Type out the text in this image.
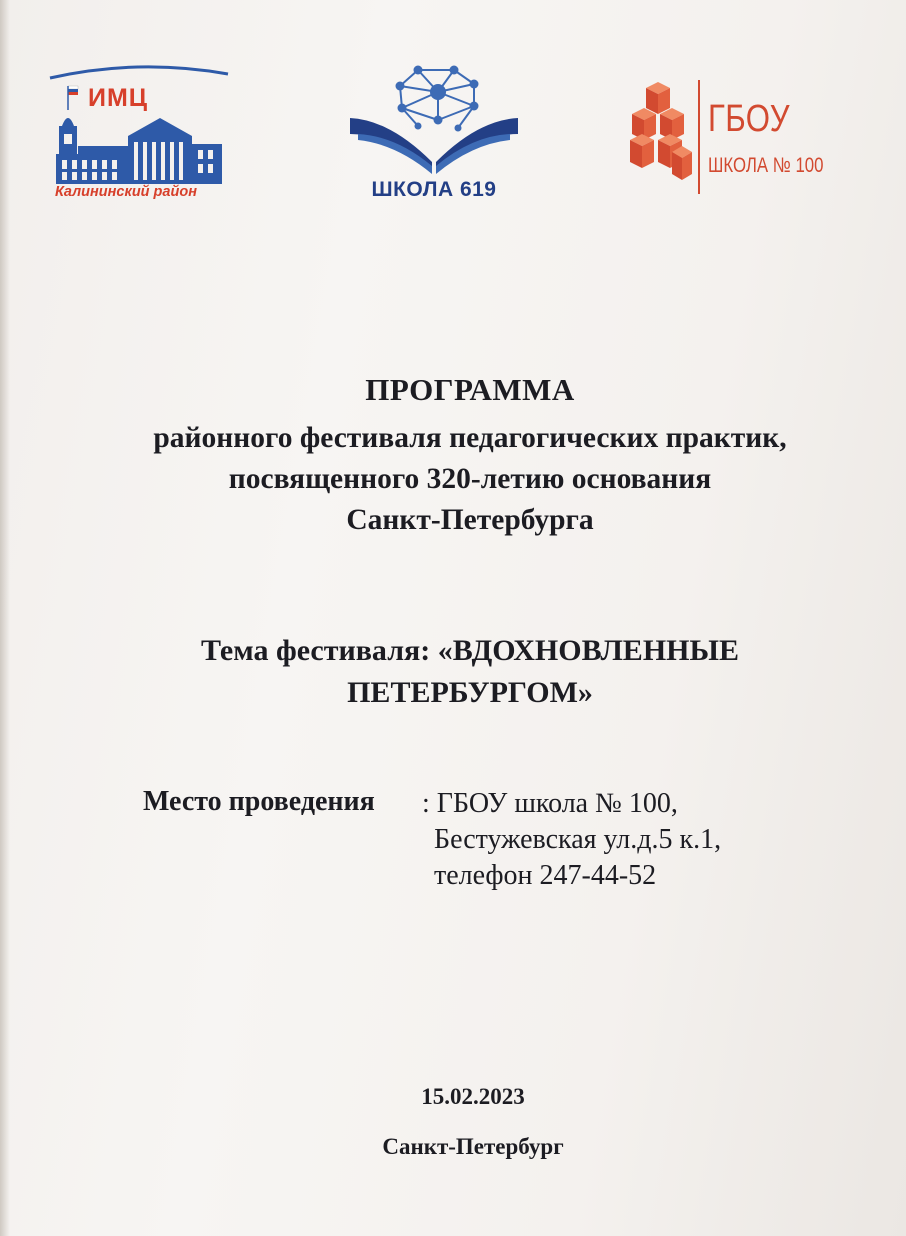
ИМЦ
Калининский район	ШКОЛА 619
ГБОУ
ШКОЛА № 100
ПРОГРАММА
районного фестиваля педагогических практик,
посвященного 320-летию основания
Санкт-Петербурга
Тема фестиваля: «ВДОХНОВЛЕННЫЕ
ПЕТЕРБУРГОМ»
Место проведения : ГБОУ школа № 100,
Бестужевская ул.д.5 к.1,
телефон 247-44-52
15.02.2023
Санкт-Петербург
